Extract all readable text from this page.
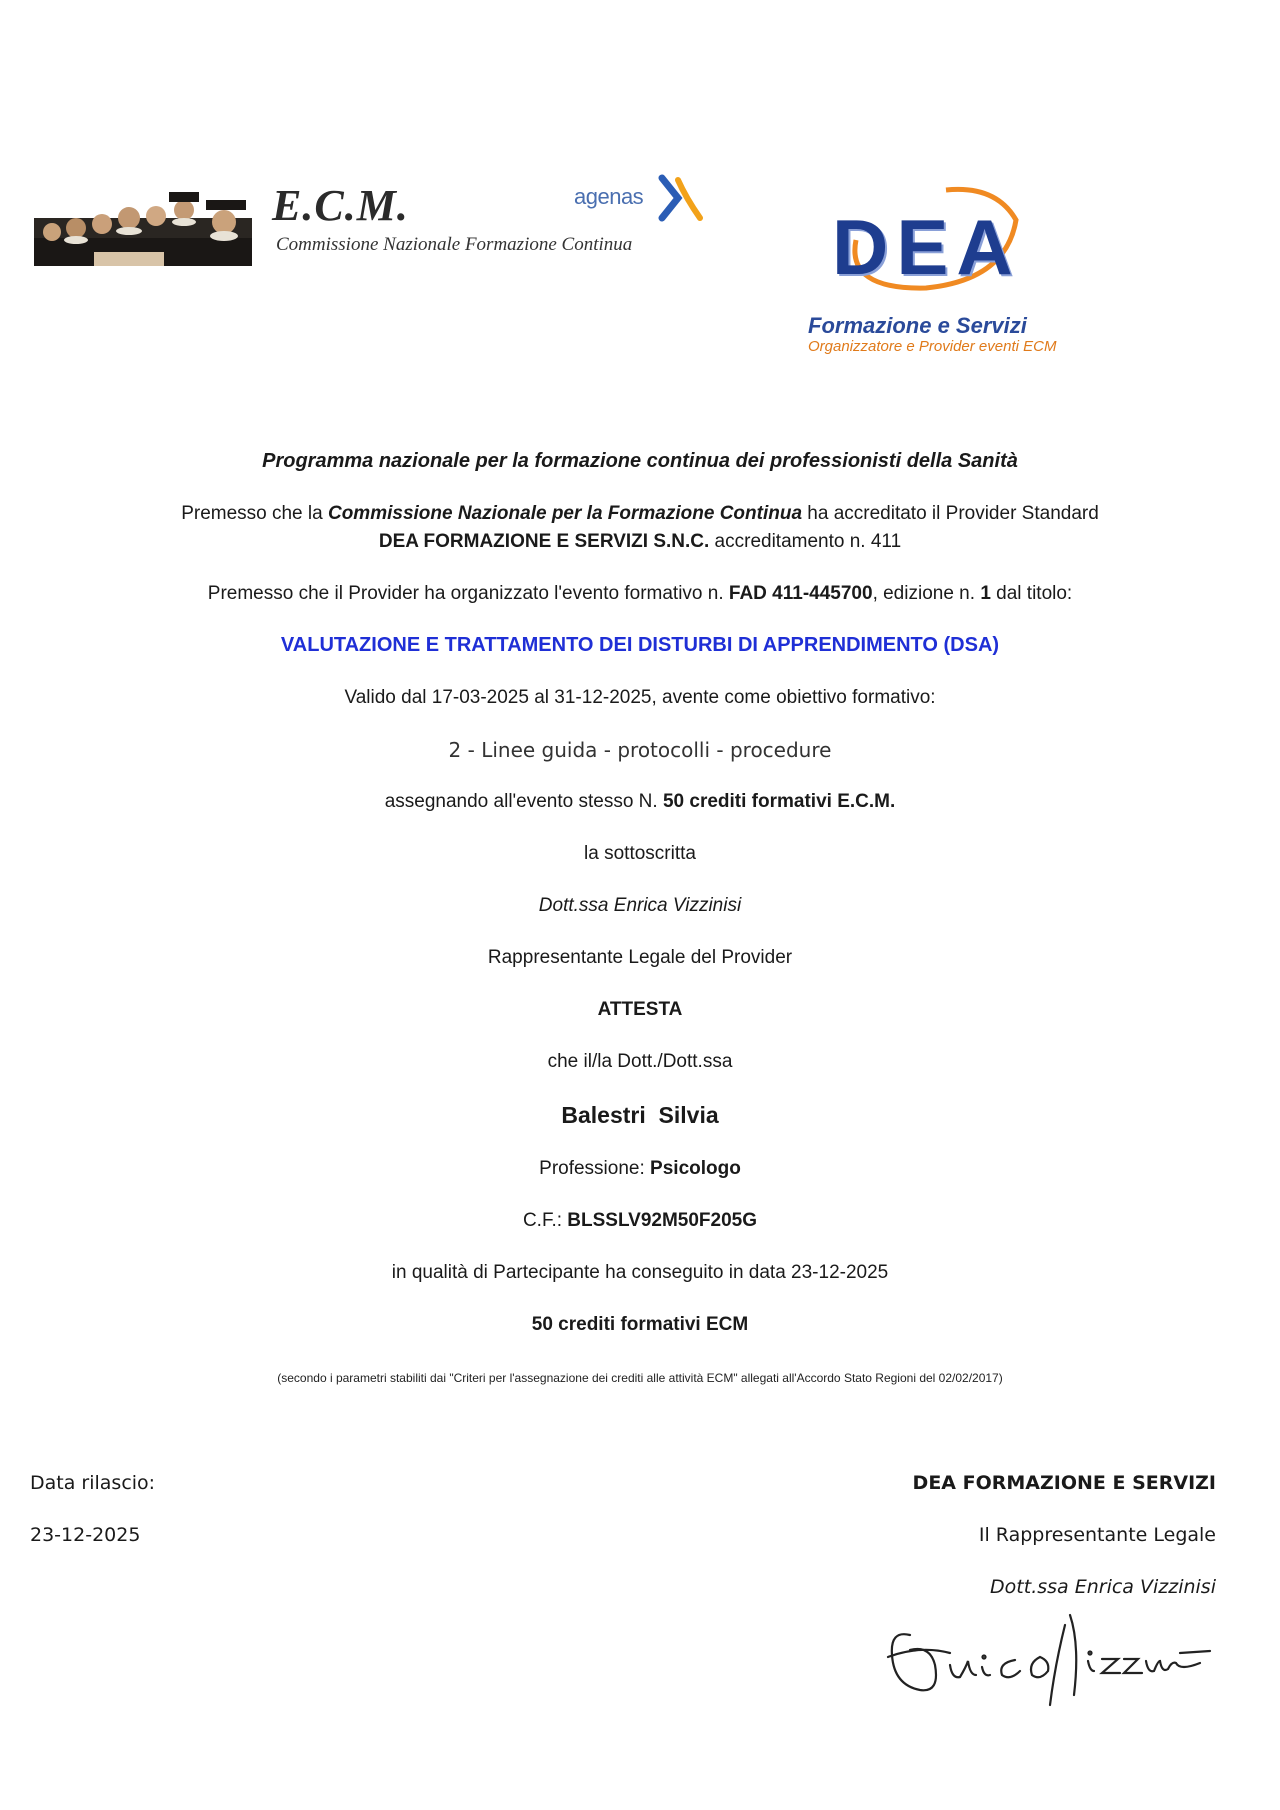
E.C.M.
Commissione Nazionale Formazione Continua
agenas
DEA
Formazione e Servizi
Organizzatore e Provider eventi ECM
Programma nazionale per la formazione continua dei professionisti della Sanità
Premesso che la Commissione Nazionale per la Formazione Continua ha accreditato il Provider Standard
DEA FORMAZIONE E SERVIZI S.N.C. accreditamento n. 411
Premesso che il Provider ha organizzato l'evento formativo n. FAD 411-445700, edizione n. 1 dal titolo:
VALUTAZIONE E TRATTAMENTO DEI DISTURBI DI APPRENDIMENTO (DSA)
Valido dal 17-03-2025 al 31-12-2025, avente come obiettivo formativo:
2 - Linee guida - protocolli - procedure
assegnando all'evento stesso N. 50 crediti formativi E.C.M.
la sottoscritta
Dott.ssa Enrica Vizzinisi
Rappresentante Legale del Provider
ATTESTA
che il/la Dott./Dott.ssa
Balestri  Silvia
Professione: Psicologo
C.F.: BLSSLV92M50F205G
in qualità di Partecipante ha conseguito in data 23-12-2025
50 crediti formativi ECM
(secondo i parametri stabiliti dai "Criteri per l'assegnazione dei crediti alle attività ECM" allegati all'Accordo Stato Regioni del 02/02/2017)
Data rilascio:
23-12-2025
DEA FORMAZIONE E SERVIZI
Il Rappresentante Legale
Dott.ssa Enrica Vizzinisi
